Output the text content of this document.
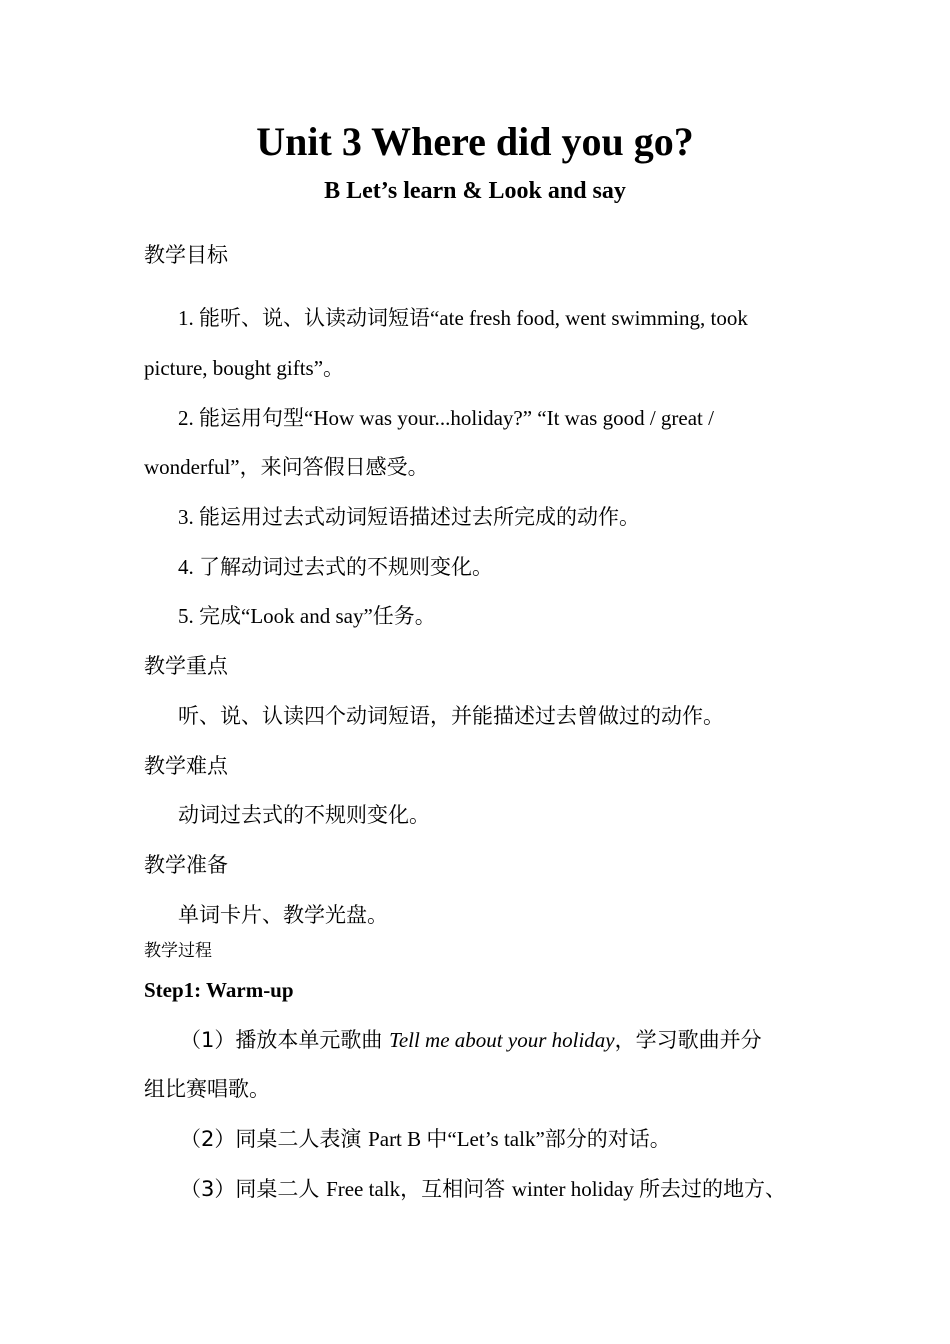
Unit 3 Where did you go?
B Let’s learn & Look and say
教学目标
1. 能听、说、认读动词短语“ate fresh food, went swimming, took
picture, bought gifts”。
2. 能运用句型“How was your...holiday?” “It was good / great /
wonderful”，来问答假日感受。
3. 能运用过去式动词短语描述过去所完成的动作。
4. 了解动词过去式的不规则变化。
5. 完成“Look and say”任务。
教学重点
听、说、认读四个动词短语，并能描述过去曾做过的动作。
教学难点
动词过去式的不规则变化。
教学准备
单词卡片、教学光盘。
教学过程
Step1: Warm-up
（1）播放本单元歌曲 Tell me about your holiday，学习歌曲并分
组比赛唱歌。
（2）同桌二人表演 Part B 中“Let’s talk”部分的对话。
（3）同桌二人 Free talk，互相问答 winter holiday 所去过的地方、
